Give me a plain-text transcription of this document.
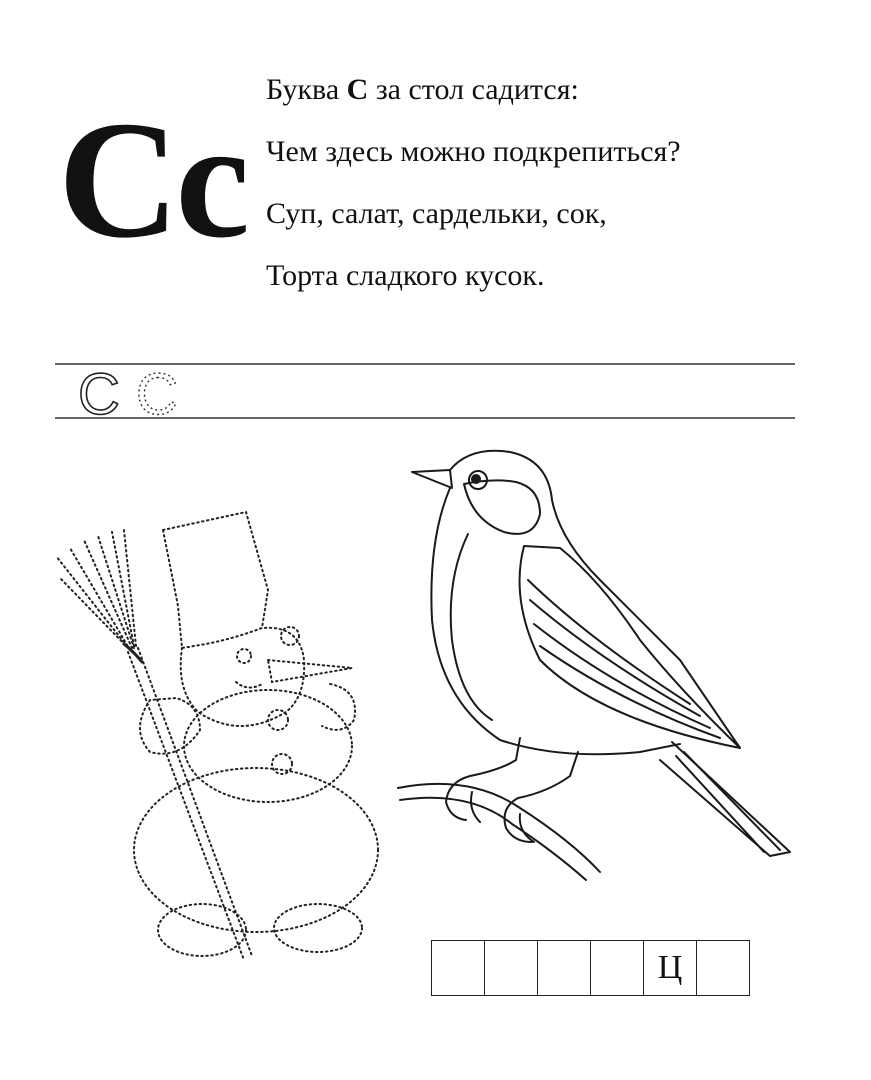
Сс Буква С за стол садится:
Чем здесь можно подкрепиться?
Суп, салат, сардельки, сок,
Торта сладкого кусок.
C C
Ц
